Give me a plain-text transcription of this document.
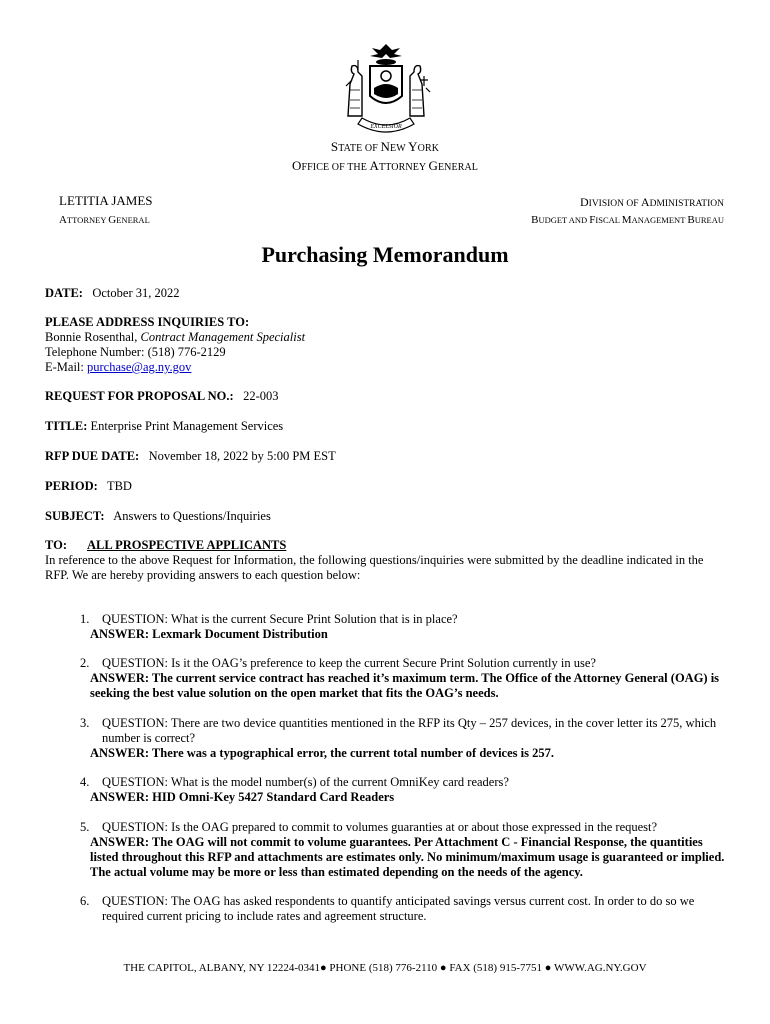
EXCELSIOR
STATE OF NEW YORK
OFFICE OF THE ATTORNEY GENERAL
LETITIA JAMES
ATTORNEY GENERAL
DIVISION OF ADMINISTRATION
BUDGET AND FISCAL MANAGEMENT BUREAU
Purchasing Memorandum
DATE: October 31, 2022
PLEASE ADDRESS INQUIRIES TO:
Bonnie Rosenthal, Contract Management Specialist
Telephone Number: (518) 776-2129
E-Mail: purchase@ag.ny.gov
REQUEST FOR PROPOSAL NO.: 22-003
TITLE: Enterprise Print Management Services
RFP DUE DATE: November 18, 2022 by 5:00 PM EST
PERIOD: TBD
SUBJECT: Answers to Questions/Inquiries
TO: ALL PROSPECTIVE APPLICANTS
In reference to the above Request for Information, the following questions/inquiries were submitted by the deadline indicated in the RFP. We are hereby providing answers to each question below:
1. QUESTION: What is the current Secure Print Solution that is in place?
ANSWER: Lexmark Document Distribution
2. QUESTION: Is it the OAG’s preference to keep the current Secure Print Solution currently in use?
ANSWER: The current service contract has reached it’s maximum term. The Office of the Attorney General (OAG) is seeking the best value solution on the open market that fits the OAG’s needs.
3. QUESTION: There are two device quantities mentioned in the RFP its Qty – 257 devices, in the cover letter its 275, which number is correct?
ANSWER: There was a typographical error, the current total number of devices is 257.
4. QUESTION: What is the model number(s) of the current OmniKey card readers?
ANSWER: HID Omni-Key 5427 Standard Card Readers
5. QUESTION: Is the OAG prepared to commit to volumes guaranties at or about those expressed in the request?
ANSWER: The OAG will not commit to volume guarantees. Per Attachment C - Financial Response, the quantities listed throughout this RFP and attachments are estimates only. No minimum/maximum usage is guaranteed or implied. The actual volume may be more or less than estimated depending on the needs of the agency.
6. QUESTION: The OAG has asked respondents to quantify anticipated savings versus current cost. In order to do so we required current pricing to include rates and agreement structure.
THE CAPITOL, ALBANY, NY 12224-0341● PHONE (518) 776-2110 ● FAX (518) 915-7751 ● WWW.AG.NY.GOV
